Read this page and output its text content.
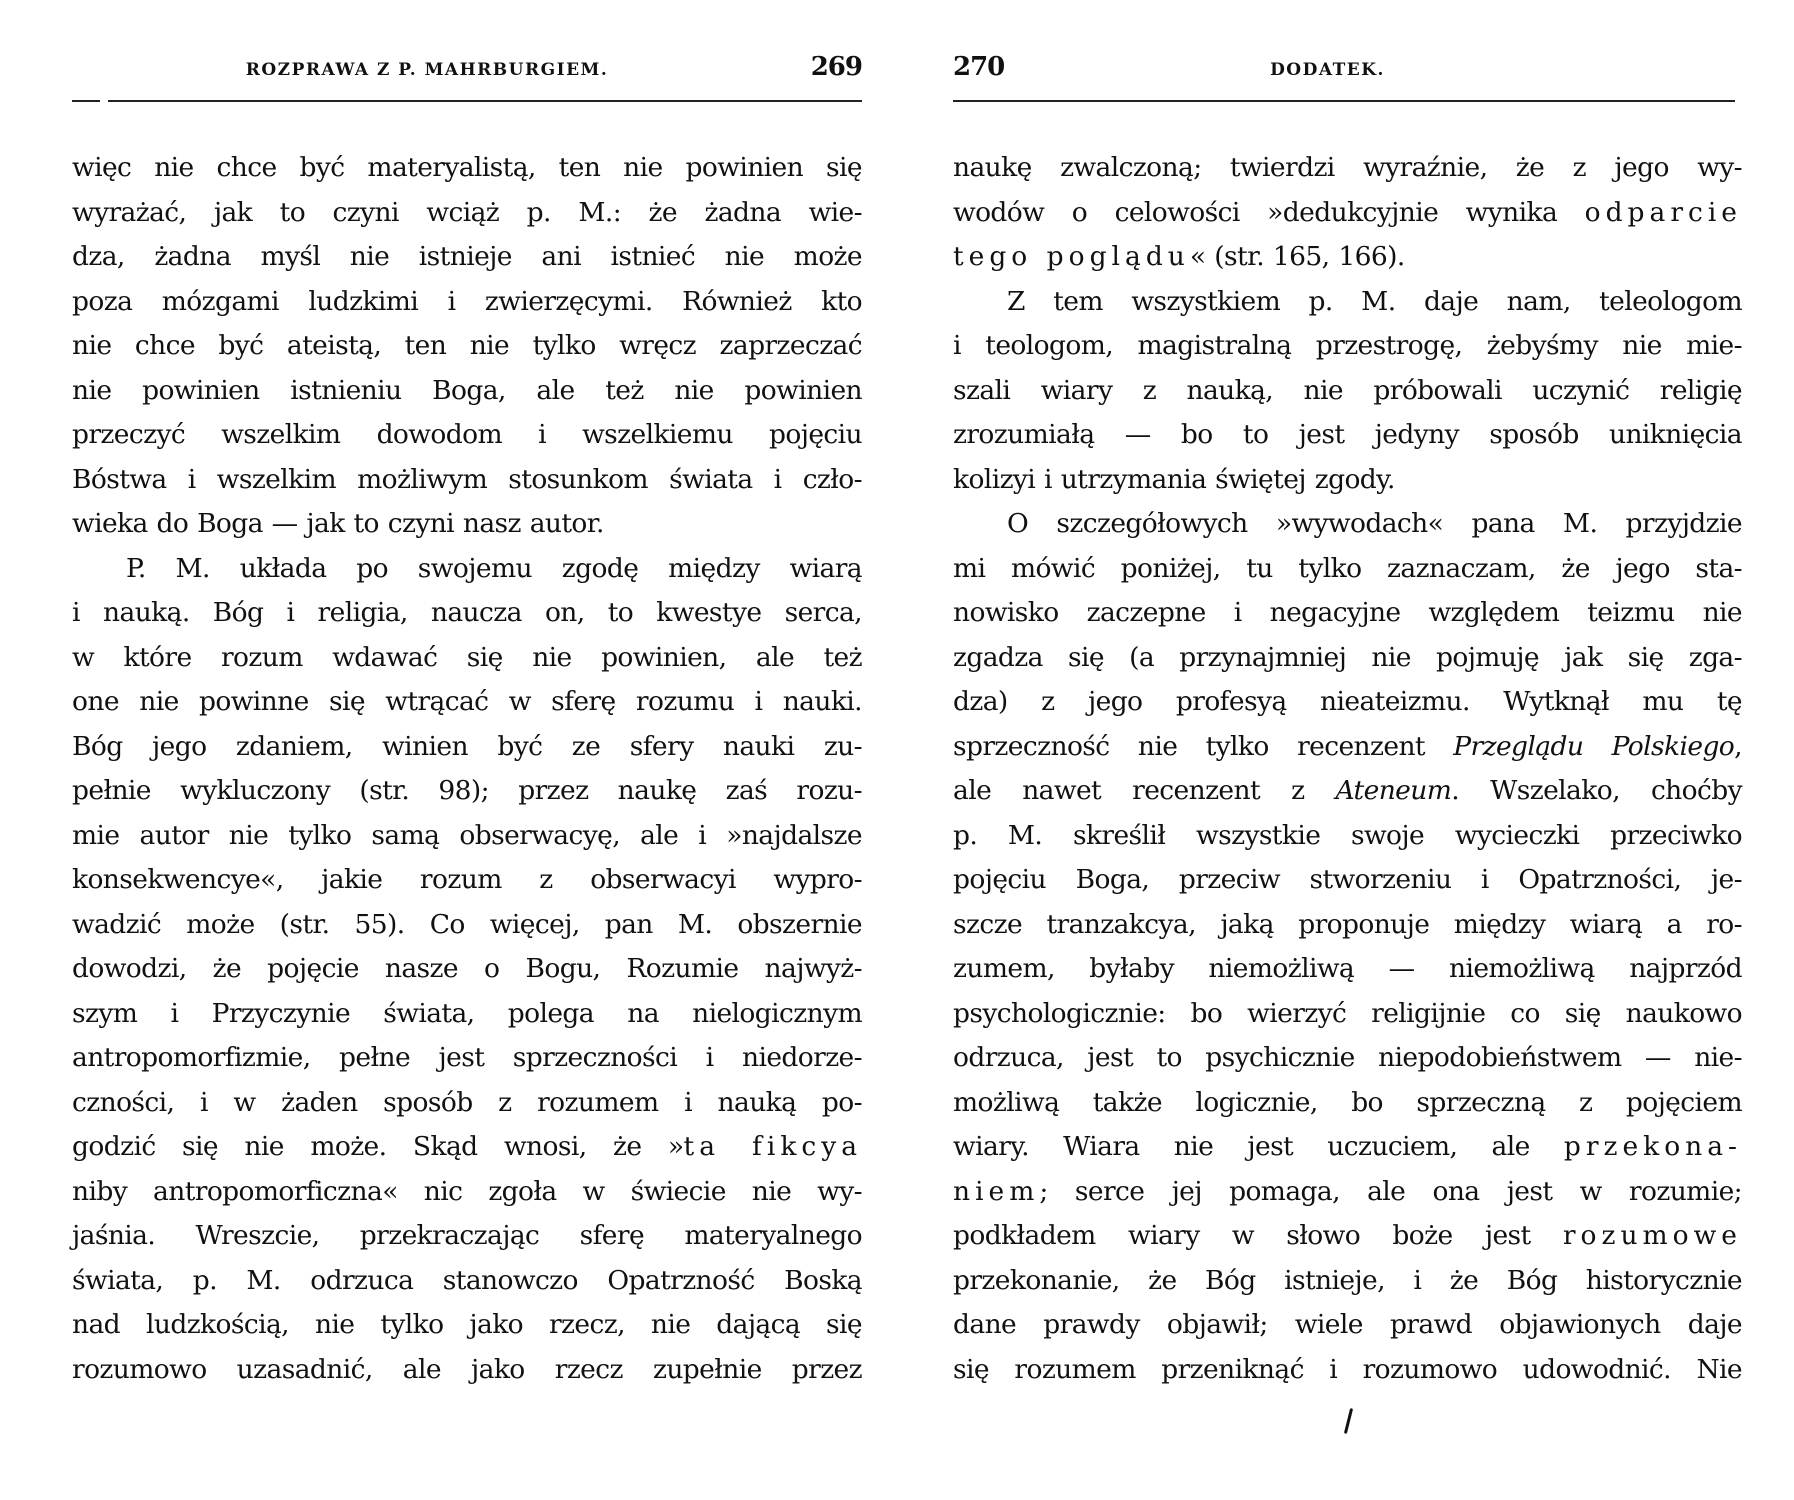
ROZPRAWA Z P. MAHRBURGIEM.	269
więc nie chce być materyalistą, ten nie powinien się
wyrażać, jak to czyni wciąż p. M.: że żadna wie-
dza, żadna myśl nie istnieje ani istnieć nie może
poza mózgami ludzkimi i zwierzęcymi. Również kto
nie chce być ateistą, ten nie tylko wręcz zaprzeczać
nie powinien istnieniu Boga, ale też nie powinien
przeczyć wszelkim dowodom i wszelkiemu pojęciu
Bóstwa i wszelkim możliwym stosunkom świata i czło-
wieka do Boga — jak to czyni nasz autor.
P. M. układa po swojemu zgodę między wiarą
i nauką. Bóg i religia, naucza on, to kwestye serca,
w które rozum wdawać się nie powinien, ale też
one nie powinne się wtrącać w sferę rozumu i nauki.
Bóg jego zdaniem, winien być ze sfery nauki zu-
pełnie wykluczony (str. 98); przez naukę zaś rozu-
mie autor nie tylko samą obserwacyę, ale i »najdalsze
konsekwencye«, jakie rozum z obserwacyi wypro-
wadzić może (str. 55). Co więcej, pan M. obszernie
dowodzi, że pojęcie nasze o Bogu, Rozumie najwyż-
szym i Przyczynie świata, polega na nielogicznym
antropomorfizmie, pełne jest sprzeczności i niedorze-
czności, i w żaden sposób z rozumem i nauką po-
godzić się nie może. Skąd wnosi, że »ta fikcya
niby antropomorficzna« nic zgoła w świecie nie wy-
jaśnia. Wreszcie, przekraczając sferę materyalnego
świata, p. M. odrzuca stanowczo Opatrzność Boską
nad ludzkością, nie tylko jako rzecz, nie dającą się
rozumowo uzasadnić, ale jako rzecz zupełnie przez
270	DODATEK.
naukę zwalczoną; twierdzi wyraźnie, że z jego wy-
wodów o celowości »dedukcyjnie wynika odparcie
tego poglądu« (str. 165, 166).
Z tem wszystkiem p. M. daje nam, teleologom
i teologom, magistralną przestrogę, żebyśmy nie mie-
szali wiary z nauką, nie próbowali uczynić religię
zrozumiałą — bo to jest jedyny sposób uniknięcia
kolizyi i utrzymania świętej zgody.
O szczegółowych »wywodach« pana M. przyjdzie
mi mówić poniżej, tu tylko zaznaczam, że jego sta-
nowisko zaczepne i negacyjne względem teizmu nie
zgadza się (a przynajmniej nie pojmuję jak się zga-
dza) z jego profesyą nieateizmu. Wytknął mu tę
sprzeczność nie tylko recenzent Przeglądu Polskiego,
ale nawet recenzent z Ateneum. Wszelako, choćby
p. M. skreślił wszystkie swoje wycieczki przeciwko
pojęciu Boga, przeciw stworzeniu i Opatrzności, je-
szcze tranzakcya, jaką proponuje między wiarą a ro-
zumem, byłaby niemożliwą — niemożliwą najprzód
psychologicznie: bo wierzyć religijnie co się naukowo
odrzuca, jest to psychicznie niepodobieństwem — nie-
możliwą także logicznie, bo sprzeczną z pojęciem
wiary. Wiara nie jest uczuciem, ale przekona-
niem; serce jej pomaga, ale ona jest w rozumie;
podkładem wiary w słowo boże jest rozumowe
przekonanie, że Bóg istnieje, i że Bóg historycznie
dane prawdy objawił; wiele prawd objawionych daje
się rozumem przeniknąć i rozumowo udowodnić. Nie
